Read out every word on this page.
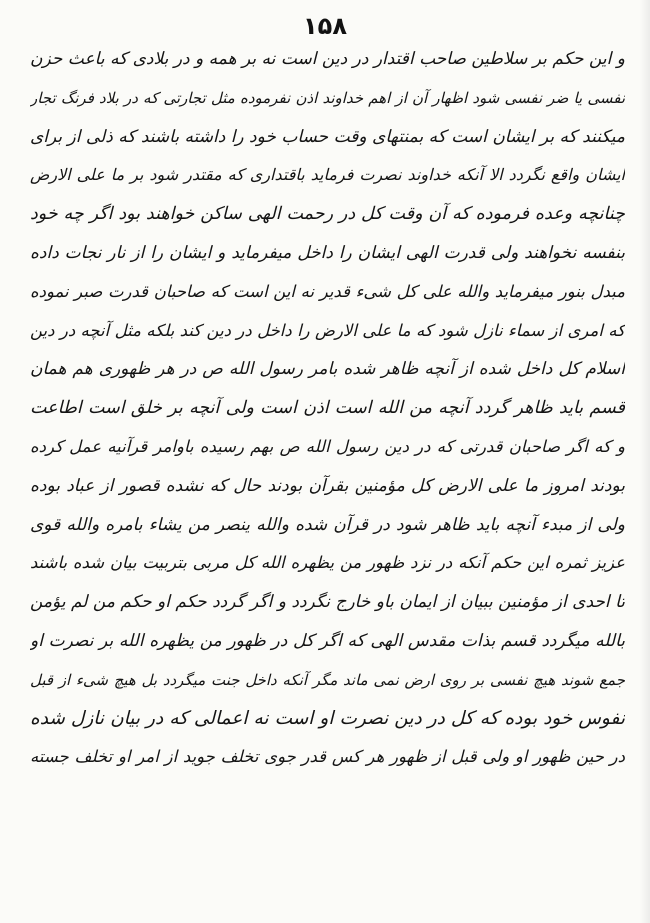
۱۵۸
و این حکم بر سلاطین صاحب اقتدار در دین است نه بر همه و در بلادی که باعث حزن
نفسی یا ضر نفسی شود اظهار آن از اهم خداوند اذن نفرموده مثل تجارتی که در بلاد فرنگ تجار
میکنند که بر ایشان است که بمنتهای وقت حساب خود را داشته باشند که ذلی از برای
ایشان واقع نگردد الا آنکه خداوند نصرت فرماید باقتداری که مقتدر شود بر ما علی الارض
چنانچه وعده فرموده که آن وقت کل در رحمت الهی ساکن خواهند بود اگر چه خود
بنفسه نخواهند ولی قدرت الهی ایشان را داخل میفرماید و ایشان را از نار نجات داده
مبدل بنور میفرماید والله علی کل شیء قدیر نه این است که صاحبان قدرت صبر نموده
که امری از سماء نازل شود که ما علی الارض را داخل در دین کند بلکه مثل آنچه در دین
اسلام کل داخل شده از آنچه ظاهر شده بامر رسول الله ص در هر ظهوری هم همان
قسم باید ظاهر گردد آنچه من الله است اذن است ولی آنچه بر خلق است اطاعت
و که اگر صاحبان قدرتی که در دین رسول الله ص بهم رسیده باوامر قرآنیه عمل کرده
بودند امروز ما علی الارض کل مؤمنین بقرآن بودند حال که نشده قصور از عباد بوده
ولی از مبدء آنچه باید ظاهر شود در قرآن شده والله ینصر من یشاء بامره والله قوی
عزیز ثمره این حکم آنکه در نزد ظهور من یظهره الله کل مربی بتربیت بیان شده باشند
تا احدی از مؤمنین ببیان از ایمان باو خارج نگردد و اگر گردد حکم او حکم من لم یؤمن
بالله میگردد قسم بذات مقدس الهی که اگر کل در ظهور من یظهره الله بر نصرت او
جمع شوند هیچ نفسی بر روی ارض نمی ماند مگر آنکه داخل جنت میگردد بل هیچ شیء از قبل
نفوس خود بوده که کل در دین نصرت او است نه اعمالی که در بیان نازل شده
در حین ظهور او ولی قبل از ظهور هر کس قدر جوی تخلف جوید از امر او تخلف جسته
